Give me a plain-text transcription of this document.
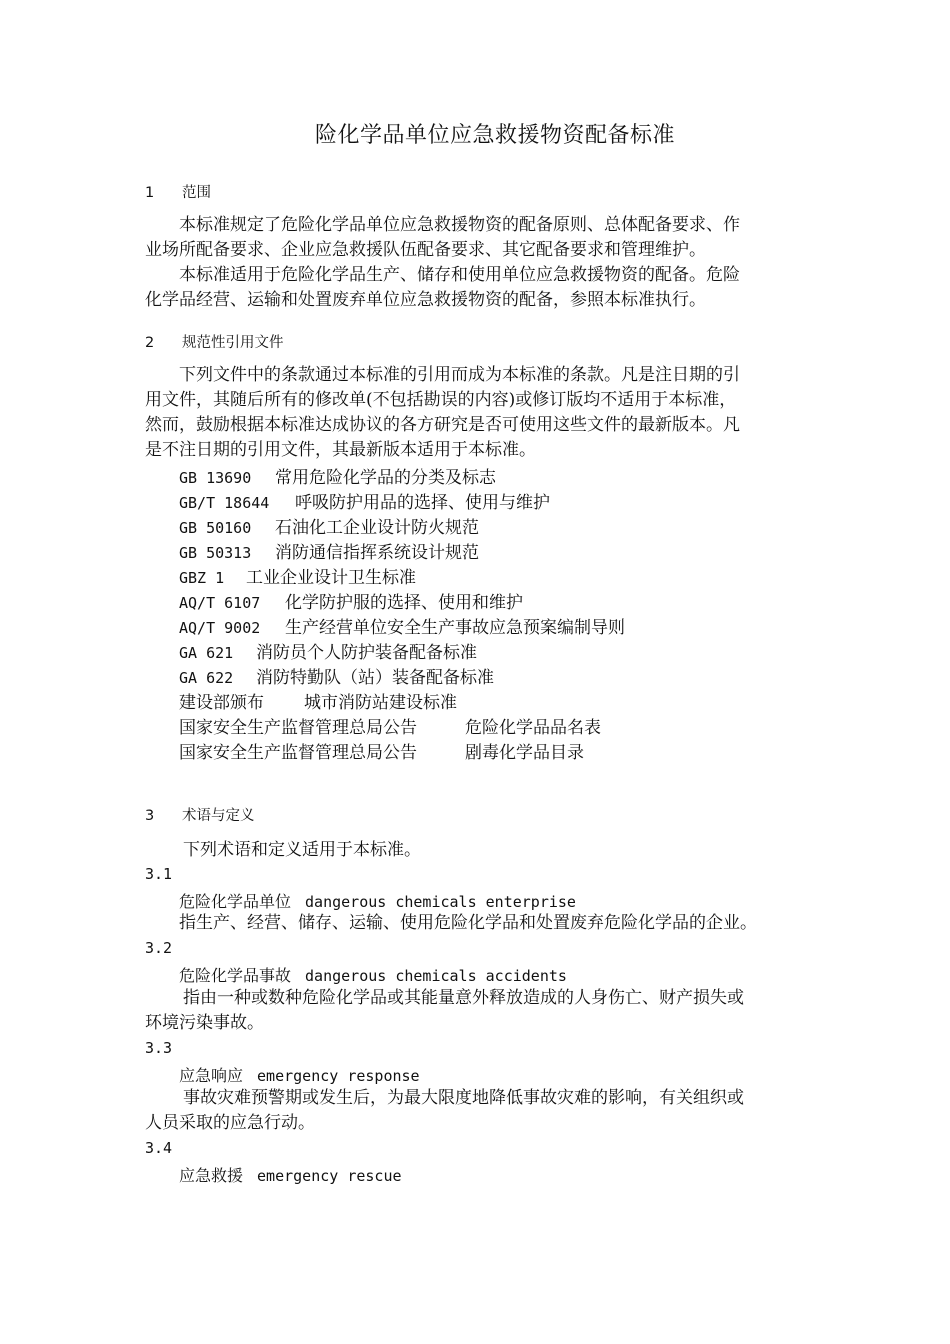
险化学品单位应急救援物资配备标准
1 范围
本标准规定了危险化学品单位应急救援物资的配备原则、总体配备要求、作
业场所配备要求、企业应急救援队伍配备要求、其它配备要求和管理维护。
本标准适用于危险化学品生产、储存和使用单位应急救援物资的配备。危险
化学品经营、运输和处置废弃单位应急救援物资的配备，参照本标准执行。
2 规范性引用文件
下列文件中的条款通过本标准的引用而成为本标准的条款。凡是注日期的引
用文件，其随后所有的修改单(不包括勘误的内容)或修订版均不适用于本标准，
然而，鼓励根据本标准达成协议的各方研究是否可使用这些文件的最新版本。凡
是不注日期的引用文件，其最新版本适用于本标准。
GB 13690 常用危险化学品的分类及标志
GB/T 18644 呼吸防护用品的选择、使用与维护
GB 50160 石油化工企业设计防火规范
GB 50313 消防通信指挥系统设计规范
GBZ 1 工业企业设计卫生标准
AQ/T 6107 化学防护服的选择、使用和维护
AQ/T 9002 生产经营单位安全生产事故应急预案编制导则
GA 621 消防员个人防护装备配备标准
GA 622 消防特勤队（站）装备配备标准
建设部颁布 城市消防站建设标准
国家安全生产监督管理总局公告	危险化学品品名表
国家安全生产监督管理总局公告	剧毒化学品目录
3 术语与定义
下列术语和定义适用于本标准。
3.1
危险化学品单位 dangerous chemicals enterprise
指生产、经营、储存、运输、使用危险化学品和处置废弃危险化学品的企业。
3.2
危险化学品事故 dangerous chemicals accidents
指由一种或数种危险化学品或其能量意外释放造成的人身伤亡、财产损失或
环境污染事故。
3.3
应急响应 emergency response
事故灾难预警期或发生后，为最大限度地降低事故灾难的影响，有关组织或
人员采取的应急行动。
3.4
应急救援 emergency rescue
